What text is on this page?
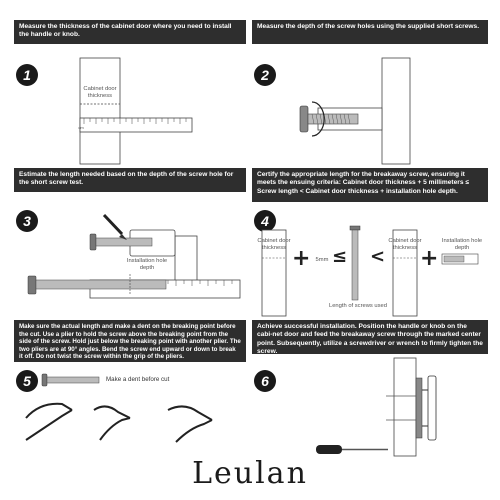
Measure the thickness of the cabinet door where you need to install the handle or knob.
1
Cabinet door thickness
cm
Measure the depth of the screw holes using the supplied short screws.
2
Estimate the length needed based on the depth of the screw hole for the short screw test.
3
Installation hole depth
Certify the appropriate length for the breakaway screw, ensuring it meets the ensuing criteria: Cabinet door thickness + 5 millimeters ≤ Screw length < Cabinet door thickness + installation hole depth.
4
Cabinet door thickness + 5mm ≤ <
Cabinet door thickness +
Installation hole depth
Length of screws used
Make sure the actual length and make a dent on the breaking point before the cut. Use a plier to hold the screw above the breaking point from the side of the screw. Hold just below the breaking point with another plier. The two pliers are at 90° angles. Bend the screw end upward or down to break it off. Do not twist the screw within the grip of the pliers.
5	Make a dent before cut
Achieve successful installation. Position the handle or knob on the cabi-net door and feed the breakaway screw through the marked center point. Subsequently, utilize a screwdriver or wrench to firmly tighten the screw.
6
Leulan
